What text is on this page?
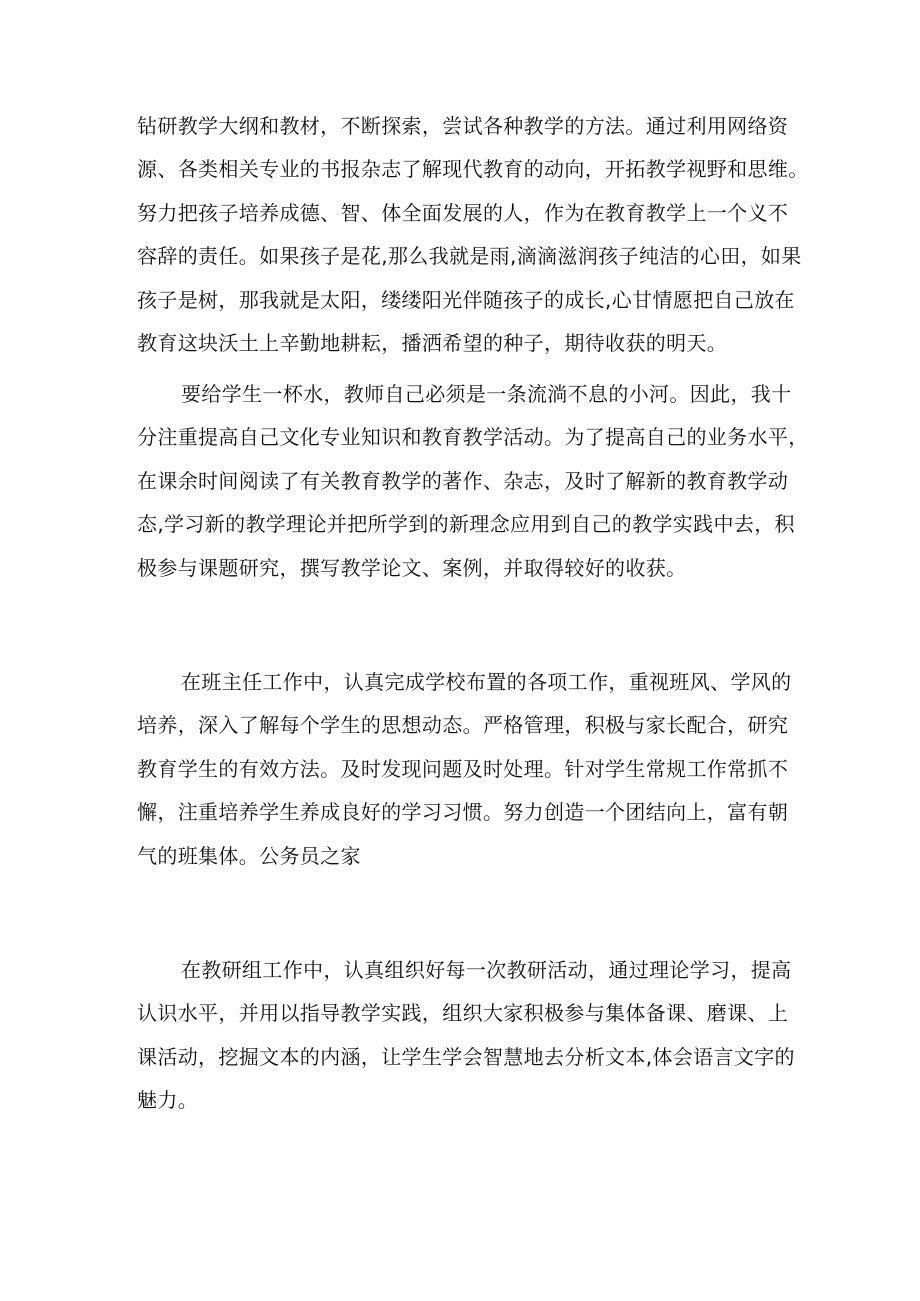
钻研教学大纲和教材，不断探索，尝试各种教学的方法。通过利用网络资
源、各类相关专业的书报杂志了解现代教育的动向，开拓教学视野和思维。
努力把孩子培养成德、智、体全面发展的人，作为在教育教学上一个义不
容辞的责任。如果孩子是花,那么我就是雨,滴滴滋润孩子纯洁的心田，如果
孩子是树，那我就是太阳，缕缕阳光伴随孩子的成长,心甘情愿把自己放在
教育这块沃土上辛勤地耕耘，播洒希望的种子，期待收获的明天。
要给学生一杯水，教师自己必须是一条流淌不息的小河。因此，我十
分注重提高自己文化专业知识和教育教学活动。为了提高自己的业务水平，
在课余时间阅读了有关教育教学的著作、杂志，及时了解新的教育教学动
态,学习新的教学理论并把所学到的新理念应用到自己的教学实践中去，积
极参与课题研究，撰写教学论文、案例，并取得较好的收获。
在班主任工作中，认真完成学校布置的各项工作，重视班风、学风的
培养，深入了解每个学生的思想动态。严格管理，积极与家长配合，研究
教育学生的有效方法。及时发现问题及时处理。针对学生常规工作常抓不
懈，注重培养学生养成良好的学习习惯。努力创造一个团结向上，富有朝
气的班集体。公务员之家
在教研组工作中，认真组织好每一次教研活动，通过理论学习，提高
认识水平，并用以指导教学实践，组织大家积极参与集体备课、磨课、上
课活动，挖掘文本的内涵，让学生学会智慧地去分析文本,体会语言文字的
魅力。
